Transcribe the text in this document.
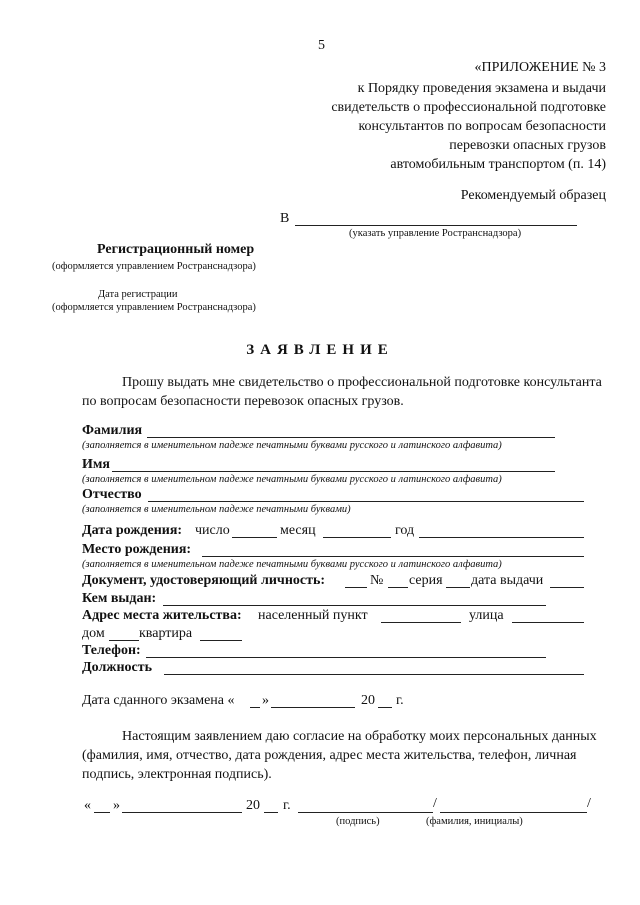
5
«ПРИЛОЖЕНИЕ № 3
к Порядку проведения экзамена и выдачи
свидетельств о профессиональной подготовке
консультантов по вопросам безопасности
перевозки опасных грузов
автомобильным транспортом (п. 14)
Рекомендуемый образец
В
(указать управление Ространснадзора)
Регистрационный номер
(оформляется управлением Ространснадзора)
Дата регистрации
(оформляется управлением Ространснадзора)
ЗАЯВЛЕНИЕ
Прошу выдать мне свидетельство о профессиональной подготовке консультанта
по вопросам безопасности перевозок опасных грузов.
Фамилия
(заполняется в именительном падеже печатными буквами русского и латинского алфавита)
Имя
(заполняется в именительном падеже печатными буквами русского и латинского алфавита)
Отчество
(заполняется в именительном падеже печатными буквами)
Дата рождения: число	месяц	год
Место рождения:
(заполняется в именительном падеже печатными буквами русского и латинского алфавита)
Документ, удостоверяющий личность:	№ серия дата выдачи
Кем выдан:
Адрес места жительства: населенный пункт	улица
дом квартира
Телефон:
Должность
Дата сданного экзамена « »	20 г.
Настоящим заявлением даю согласие на обработку моих персональных данных
(фамилия, имя, отчество, дата рождения, адрес места жительства, телефон, личная
подпись, электронная подпись).
« »	20 г.	/	/
(подпись)	(фамилия, инициалы)
